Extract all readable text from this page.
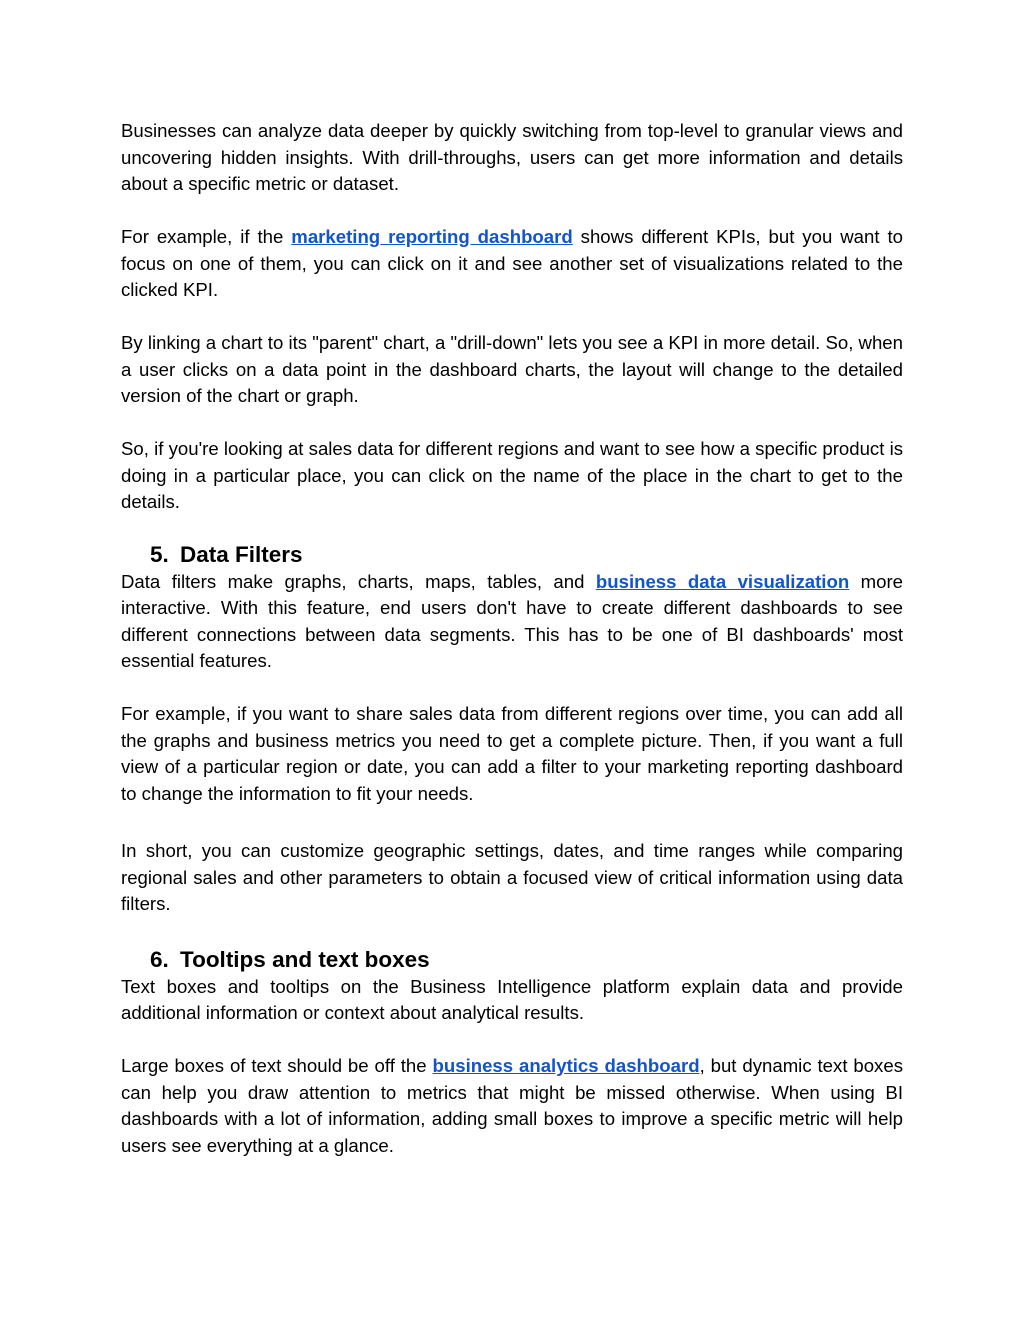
Businesses can analyze data deeper by quickly switching from top-level to granular views and uncovering hidden insights. With drill-throughs, users can get more information and details about a specific metric or dataset.

For example, if the marketing reporting dashboard shows different KPIs, but you want to focus on one of them, you can click on it and see another set of visualizations related to the clicked KPI.

By linking a chart to its "parent" chart, a "drill-down" lets you see a KPI in more detail. So, when a user clicks on a data point in the dashboard charts, the layout will change to the detailed version of the chart or graph.

So, if you're looking at sales data for different regions and want to see how a specific product is doing in a particular place, you can click on the name of the place in the chart to get to the details.

5. Data Filters

Data filters make graphs, charts, maps, tables, and business data visualization more interactive. With this feature, end users don't have to create different dashboards to see different connections between data segments. This has to be one of BI dashboards' most essential features.

For example, if you want to share sales data from different regions over time, you can add all the graphs and business metrics you need to get a complete picture. Then, if you want a full view of a particular region or date, you can add a filter to your marketing reporting dashboard to change the information to fit your needs.

In short, you can customize geographic settings, dates, and time ranges while comparing regional sales and other parameters to obtain a focused view of critical information using data filters.

6. Tooltips and text boxes

Text boxes and tooltips on the Business Intelligence platform explain data and provide additional information or context about analytical results.

Large boxes of text should be off the business analytics dashboard, but dynamic text boxes can help you draw attention to metrics that might be missed otherwise. When using BI dashboards with a lot of information, adding small boxes to improve a specific metric will help users see everything at a glance.
